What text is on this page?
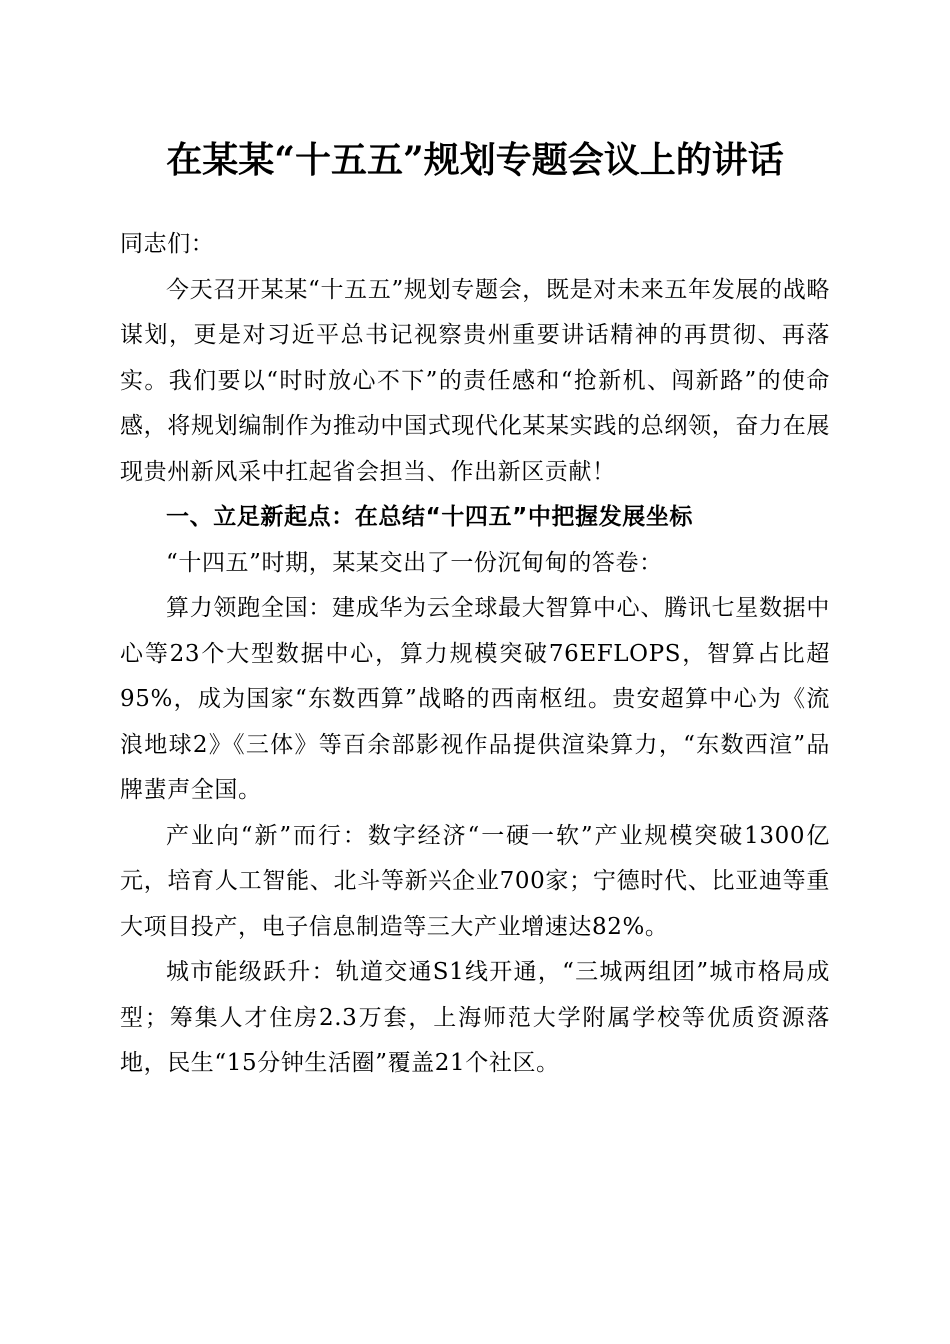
在某某“十五五”规划专题会议上的讲话

同志们：

今天召开某某“十五五”规划专题会，既是对未来五年发展的战略谋划，更是对习近平总书记视察贵州重要讲话精神的再贯彻、再落实。我们要以“时时放心不下”的责任感和“抢新机、闯新路”的使命感，将规划编制作为推动中国式现代化某某实践的总纲领，奋力在展现贵州新风采中扛起省会担当、作出新区贡献！

一、立足新起点：在总结“十四五”中把握发展坐标

“十四五”时期，某某交出了一份沉甸甸的答卷：

算力领跑全国：建成华为云全球最大智算中心、腾讯七星数据中心等23个大型数据中心，算力规模突破76EFLOPS，智算占比超95%，成为国家“东数西算”战略的西南枢纽。贵安超算中心为《流浪地球2》《三体》等百余部影视作品提供渲染算力，“东数西渲”品牌蜚声全国。

产业向“新”而行：数字经济“一硬一软”产业规模突破1300亿元，培育人工智能、北斗等新兴企业700家；宁德时代、比亚迪等重大项目投产，电子信息制造等三大产业增速达82%。

城市能级跃升：轨道交通S1线开通，“三城两组团”城市格局成型；筹集人才住房2.3万套，上海师范大学附属学校等优质资源落地，民生“15分钟生活圈”覆盖21个社区。
